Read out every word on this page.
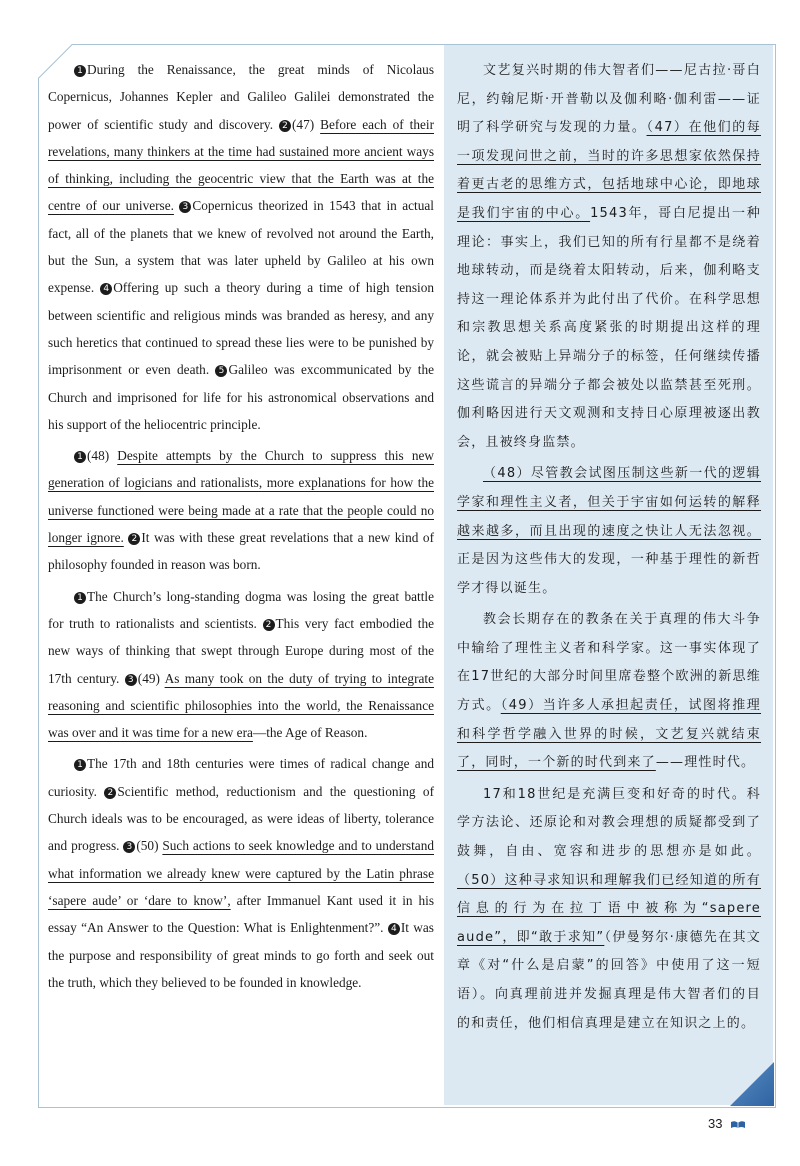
1 During the Renaissance, the great minds of Nicolaus Copernicus, Johannes Kepler and Galileo Galilei demonstrated the power of scientific study and discovery. 2 (47) Before each of their revelations, many thinkers at the time had sustained more ancient ways of thinking, including the geocentric view that the Earth was at the centre of our universe. 3 Copernicus theorized in 1543 that in actual fact, all of the planets that we knew of revolved not around the Earth, but the Sun, a system that was later upheld by Galileo at his own expense. 4 Offering up such a theory during a time of high tension between scientific and religious minds was branded as heresy, and any such heretics that continued to spread these lies were to be punished by imprisonment or even death. 5 Galileo was excommunicated by the Church and imprisoned for life for his astronomical observations and his support of the heliocentric principle.

1 (48) Despite attempts by the Church to suppress this new generation of logicians and rationalists, more explanations for how the universe functioned were being made at a rate that the people could no longer ignore. 2 It was with these great revelations that a new kind of philosophy founded in reason was born.

1 The Church’s long-standing dogma was losing the great battle for truth to rationalists and scientists. 2 This very fact embodied the new ways of thinking that swept through Europe during most of the 17th century. 3 (49) As many took on the duty of trying to integrate reasoning and scientific philosophies into the world, the Renaissance was over and it was time for a new era—the Age of Reason.

1 The 17th and 18th centuries were times of radical change and curiosity. 2 Scientific method, reductionism and the questioning of Church ideals was to be encouraged, as were ideas of liberty, tolerance and progress. 3 (50) Such actions to seek knowledge and to understand what information we already knew were captured by the Latin phrase ‘sapere aude’ or ‘dare to know’, after Immanuel Kant used it in his essay “An Answer to the Question: What is Enlightenment?”. 4 It was the purpose and responsibility of great minds to go forth and seek out the truth, which they believed to be founded in knowledge.

文艺复兴时期的伟大智者们——尼古拉·哥白尼，约翰尼斯·开普勒以及伽利略·伽利雷——证明了科学研究与发现的力量。（47）在他们的每一项发现问世之前，当时的许多思想家依然保持着更古老的思维方式，包括地球中心论，即地球是我们宇宙的中心。1543年，哥白尼提出一种理论：事实上，我们已知的所有行星都不是绕着地球转动，而是绕着太阳转动，后来，伽利略支持这一理论体系并为此付出了代价。在科学思想和宗教思想关系高度紧张的时期提出这样的理论，就会被贴上异端分子的标签，任何继续传播这些谎言的异端分子都会被处以监禁甚至死刑。伽利略因进行天文观测和支持日心原理被逐出教会，且被终身监禁。

（48）尽管教会试图压制这些新一代的逻辑学家和理性主义者，但关于宇宙如何运转的解释越来越多，而且出现的速度之快让人无法忽视。正是因为这些伟大的发现，一种基于理性的新哲学才得以诞生。

教会长期存在的教条在关于真理的伟大斗争中输给了理性主义者和科学家。这一事实体现了在17世纪的大部分时间里席卷整个欧洲的新思维方式。（49）当许多人承担起责任，试图将推理和科学哲学融入世界的时候，文艺复兴就结束了，同时，一个新的时代到来了——理性时代。

17和18世纪是充满巨变和好奇的时代。科学方法论、还原论和对教会理想的质疑都受到了鼓舞，自由、宽容和进步的思想亦是如此。（50）这种寻求知识和理解我们已经知道的所有信息的行为在拉丁语中被称为“sapere aude”，即“敢于求知”（伊曼努尔·康德先在其文章《对“什么是启蒙”的回答》中使用了这一短语）。向真理前进并发掘真理是伟大智者们的目的和责任，他们相信真理是建立在知识之上的。

33
